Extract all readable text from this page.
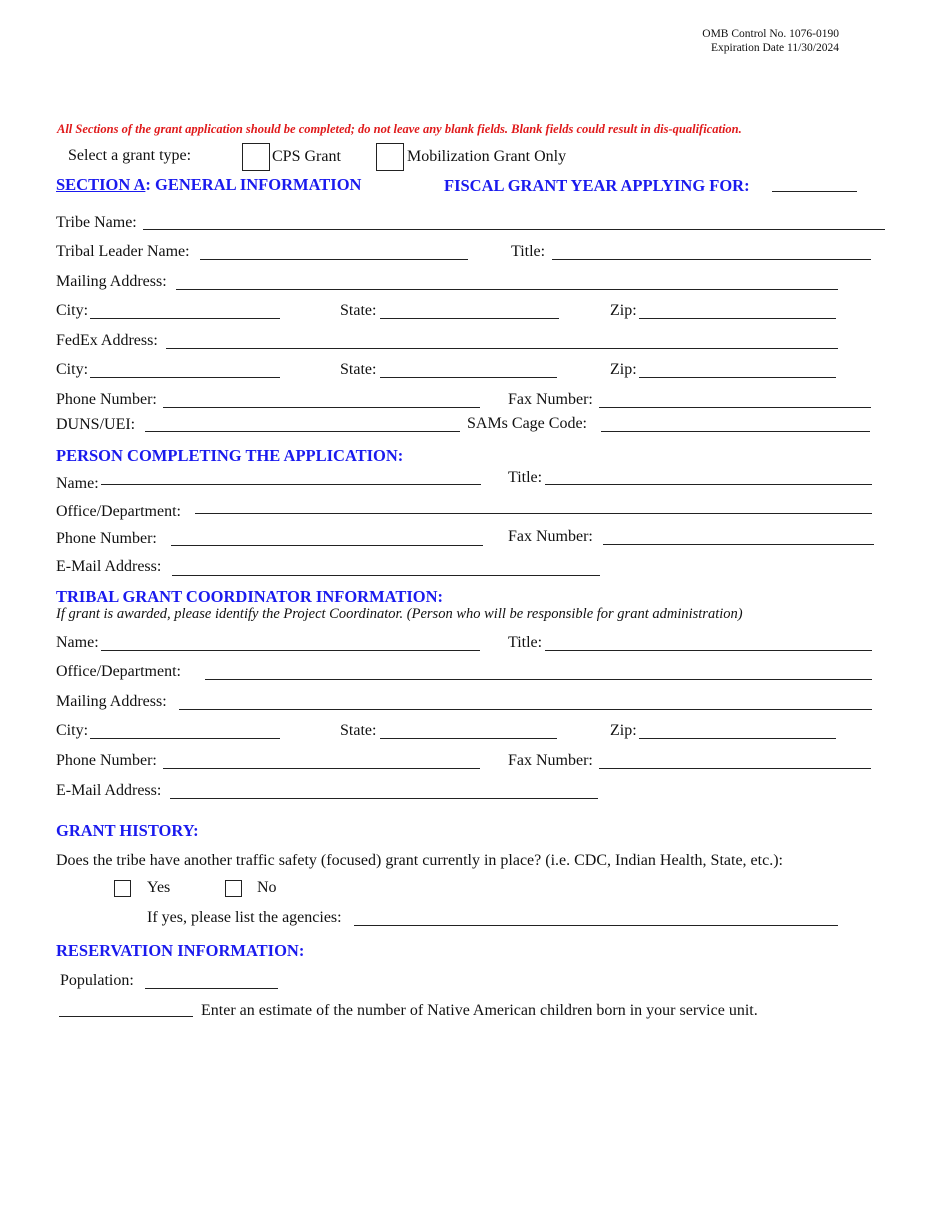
OMB Control No. 1076-0190
Expiration Date 11/30/2024
All Sections of the grant application should be completed; do not leave any blank fields. Blank fields could result in dis-qualification.
Select a grant type:	CPS Grant	Mobilization Grant Only
SECTION A: GENERAL INFORMATION	FISCAL GRANT YEAR APPLYING FOR:
Tribe Name:
Tribal Leader Name:	Title:
Mailing Address:
City:	State:	Zip:
FedEx Address:
City:	State:	Zip:
Phone Number:	Fax Number:
DUNS/UEI:	SAMs Cage Code:
PERSON COMPLETING THE APPLICATION:
Name:	Title:
Office/Department:
Phone Number:	Fax Number:
E-Mail Address:
TRIBAL GRANT COORDINATOR INFORMATION:
If grant is awarded, please identify the Project Coordinator. (Person who will be responsible for grant administration)
Name:	Title:
Office/Department:
Mailing Address:
City:	State:	Zip:
Phone Number:	Fax Number:
E-Mail Address:
GRANT HISTORY:
Does the tribe have another traffic safety (focused) grant currently in place? (i.e. CDC, Indian Health, State, etc.):
Yes	No
If yes, please list the agencies:
RESERVATION INFORMATION:
Population:
Enter an estimate of the number of Native American children born in your service unit.
